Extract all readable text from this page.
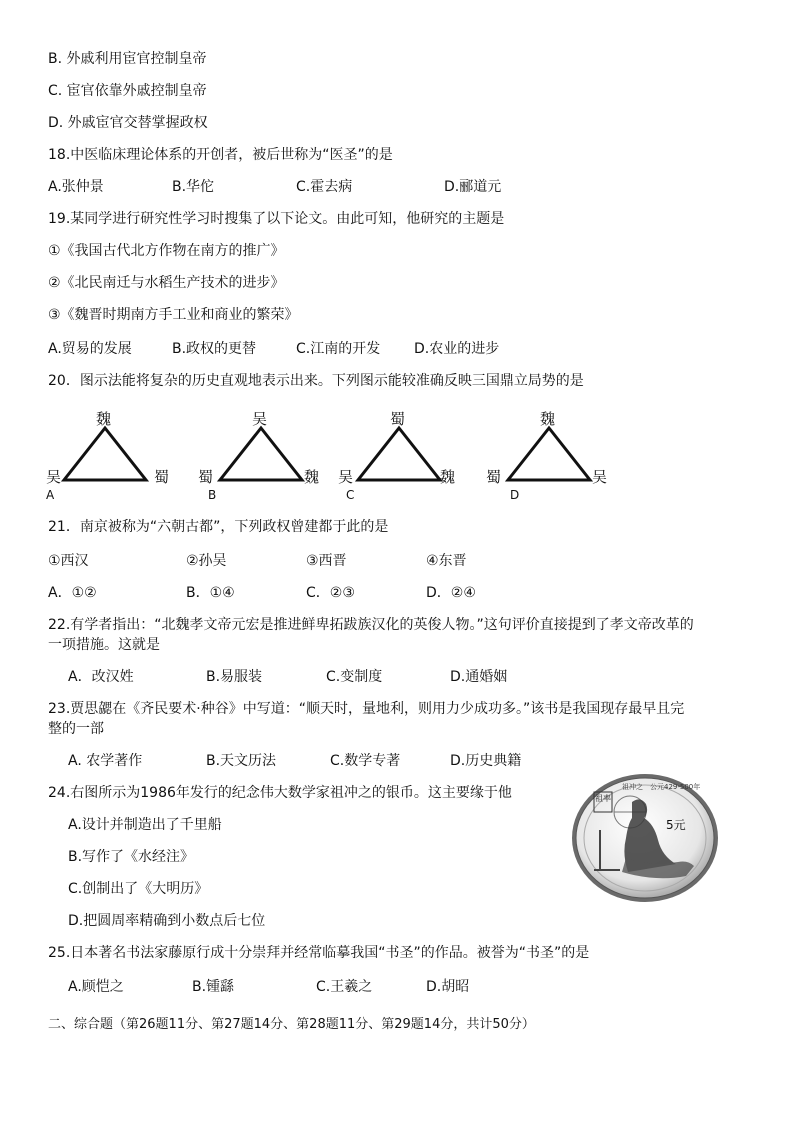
B. 外戚利用宦官控制皇帝
C. 宦官依靠外戚控制皇帝
D. 外戚宦官交替掌握政权
18.中医临床理论体系的开创者，被后世称为“医圣”的是
A.张仲景	B.华佗	C.霍去病	D.郦道元
19.某同学进行研究性学习时搜集了以下论文。由此可知，他研究的主题是
①《我国古代北方作物在南方的推广》
②《北民南迁与水稻生产技术的进步》
③《魏晋时期南方手工业和商业的繁荣》
A.贸易的发展	B.政权的更替	C.江南的开发 D.农业的进步
20．图示法能将复杂的历史直观地表示出来。下列图示能较准确反映三国鼎立局势的是
魏
吴	蜀
A
吴
蜀	魏
B
蜀
吴	魏
C
魏
蜀	吴
D
21．南京被称为“六朝古都”，下列政权曾建都于此的是
①西汉	②孙吴	③西晋	④东晋
A．①②	B．①④	C．②③	D．②④
22.有学者指出：“北魏孝文帝元宏是推进鲜卑拓跋族汉化的英俊人物。”这句评价直接提到了孝文帝改革的
一项措施。这就是
A．改汉姓	B.易服装	C.变制度	D.通婚姻
23.贾思勰在《齐民要术·种谷》中写道：“顺天时，量地利，则用力少成功多。”该书是我国现存最早且完
整的一部
A. 农学著作	B.天文历法	C.数学专著	D.历史典籍
24.右图所示为1986年发行的纪念伟大数学家祖冲之的银币。这主要缘于他
A.设计并制造出了千里船
B.写作了《水经注》
C.创制出了《大明历》
D.把圆周率精确到小数点后七位
祖率
祖冲之 公元429-500年
5元
25.日本著名书法家藤原行成十分崇拜并经常临摹我国“书圣”的作品。被誉为“书圣”的是
A.顾恺之	B.锺繇	C.王羲之	D.胡昭
二、综合题（第26题11分、第27题14分、第28题11分、第29题14分，共计50分）
